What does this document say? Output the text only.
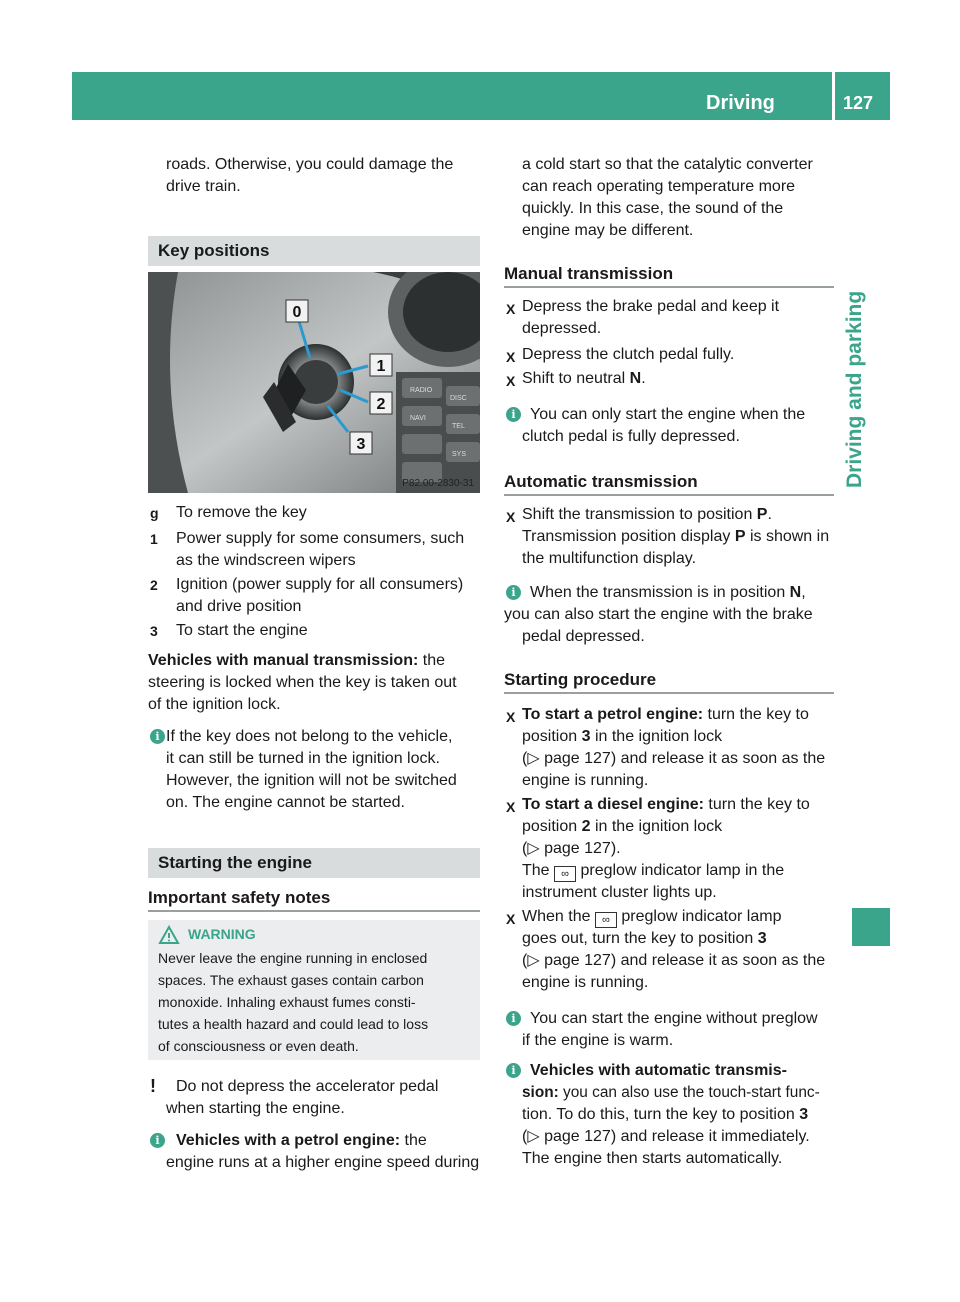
Driving	127
Driving and parking
roads. Otherwise, you could damage the
drive train.
Key positions
RADIO
DISC
NAVI
TEL
SYS
0
1
2
3
P82.00-2830-31
g To remove the key
1	Power supply for some consumers, such
as the windscreen wipers
2	Ignition (power supply for all consumers)
and drive position
3	To start the engine
Vehicles with manual transmission: the
steering is locked when the key is taken out
of the ignition lock.
i If the key does not belong to the vehicle,
it can still be turned in the ignition lock.
However, the ignition will not be switched
on. The engine cannot be started.
Starting the engine
Important safety notes
WARNING
Never leave the engine running in enclosed
spaces. The exhaust gases contain carbon
monoxide. Inhaling exhaust fumes consti-
tutes a health hazard and could lead to loss
of consciousness or even death.
! Do not depress the accelerator pedal
when starting the engine.
i	Vehicles with a petrol engine: the
engine runs at a higher engine speed during
a cold start so that the catalytic converter
can reach operating temperature more
quickly. In this case, the sound of the
engine may be different.
Manual transmission
X Depress the brake pedal and keep it
depressed.
X Depress the clutch pedal fully.
X Shift to neutral N.
i You can only start the engine when the
clutch pedal is fully depressed.
Automatic transmission
X Shift the transmission to position P.
Transmission position display P is shown in
the multifunction display.
i When the transmission is in position N,
you can also start the engine with the brake
pedal depressed.
Starting procedure
X To start a petrol engine: turn the key to
position 3 in the ignition lock
(▷ page 127) and release it as soon as the
engine is running.
X To start a diesel engine: turn the key to
position 2 in the ignition lock
(▷ page 127).
The ∞ preglow indicator lamp in the
instrument cluster lights up.
X When the ∞ preglow indicator lamp
goes out, turn the key to position 3
(▷ page 127) and release it as soon as the
engine is running.
i You can start the engine without preglow
if the engine is warm.
i Vehicles with automatic transmis-
sion: you can also use the touch-start func-
tion. To do this, turn the key to position 3
(▷ page 127) and release it immediately.
The engine then starts automatically.
